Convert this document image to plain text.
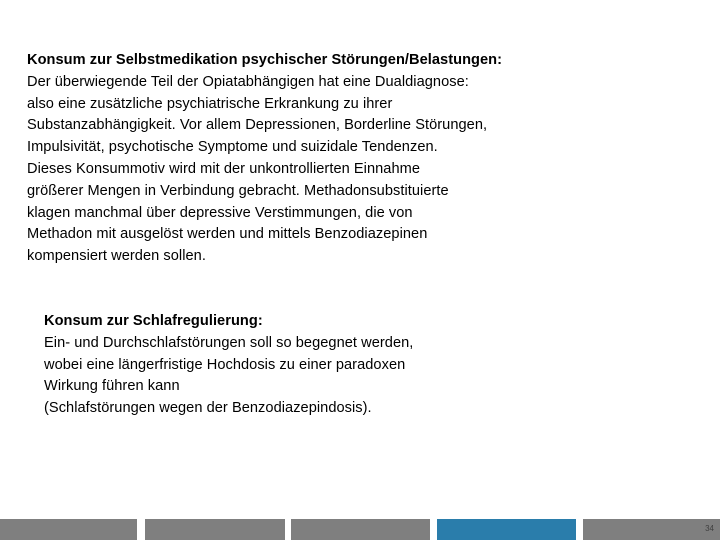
Konsum zur Selbstmedikation psychischer Störungen/Belastungen:
Der überwiegende Teil der Opiatabhängigen hat eine Dualdiagnose:
also eine zusätzliche psychiatrische Erkrankung zu ihrer
Substanzabhängigkeit. Vor allem Depressionen, Borderline Störungen,
Impulsivität, psychotische Symptome und suizidale Tendenzen.
Dieses Konsummotiv wird mit der unkontrollierten Einnahme
größerer Mengen in Verbindung gebracht. Methadonsubstituierte
klagen manchmal über depressive Verstimmungen, die von
Methadon mit ausgelöst werden und mittels Benzodiazepinen
kompensiert werden sollen.
Konsum zur Schlafregulierung:
Ein- und Durchschlafstörungen soll so begegnet werden,
wobei eine längerfristige Hochdosis zu einer paradoxen
Wirkung führen kann
(Schlafstörungen wegen der Benzodiazepindosis).
34
